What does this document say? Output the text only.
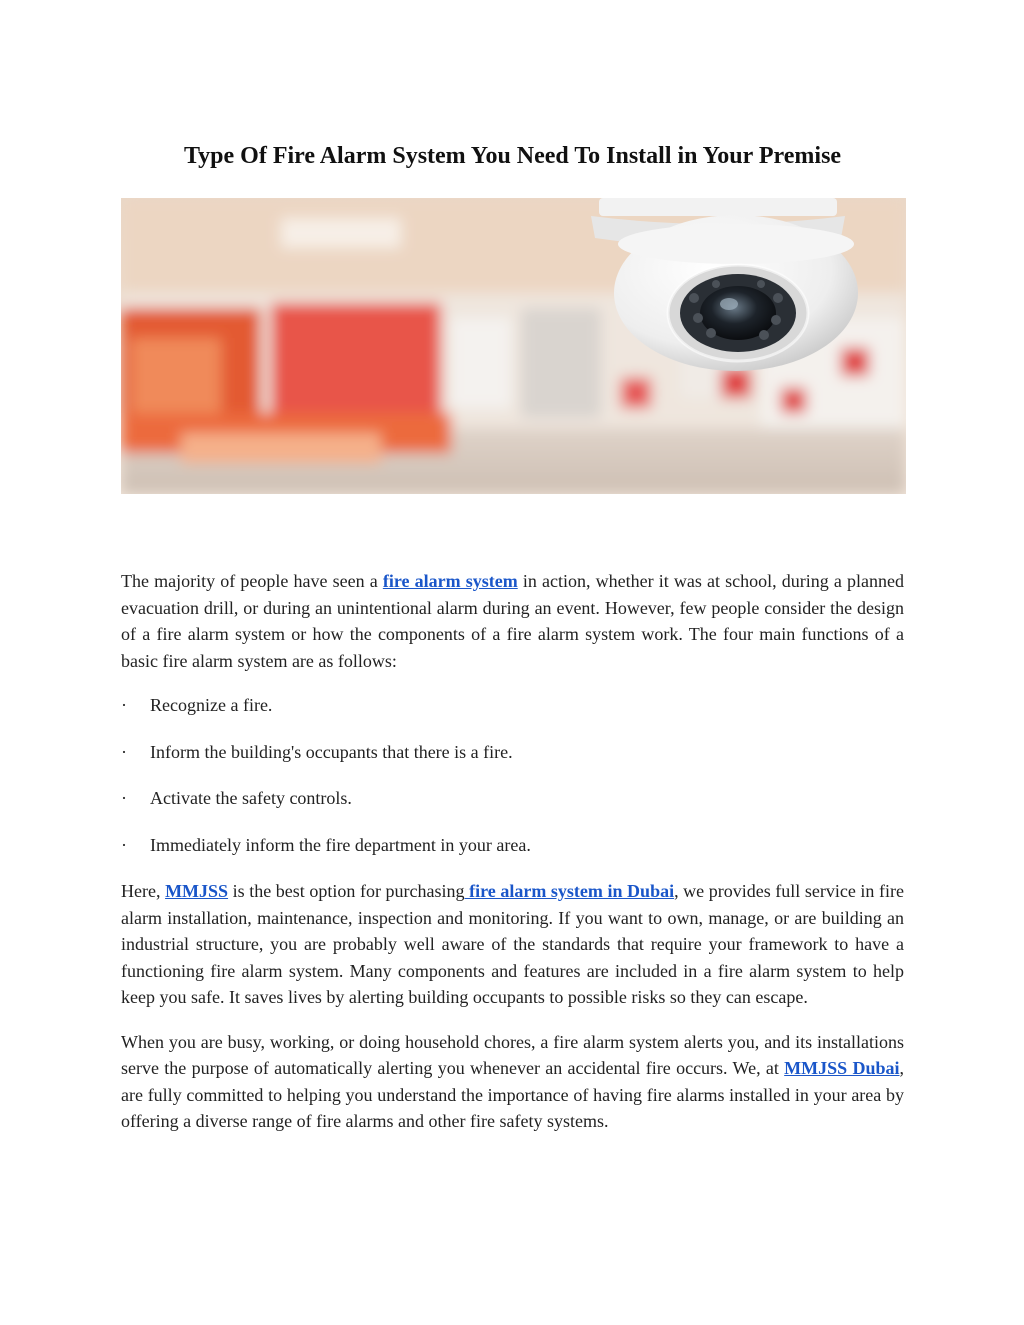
Type Of Fire Alarm System You Need To Install in Your Premise

The majority of people have seen a fire alarm system in action, whether it was at school, during a planned evacuation drill, or during an unintentional alarm during an event. However, few people consider the design of a fire alarm system or how the components of a fire alarm system work. The four main functions of a basic fire alarm system are as follows:

· Recognize a fire.
· Inform the building's occupants that there is a fire.
· Activate the safety controls.
· Immediately inform the fire department in your area.

Here, MMJSS is the best option for purchasing fire alarm system in Dubai, we provides full service in fire alarm installation, maintenance, inspection and monitoring. If you want to own, manage, or are building an industrial structure, you are probably well aware of the standards that require your framework to have a functioning fire alarm system. Many components and features are included in a fire alarm system to help keep you safe. It saves lives by alerting building occupants to possible risks so they can escape.

When you are busy, working, or doing household chores, a fire alarm system alerts you, and its installations serve the purpose of automatically alerting you whenever an accidental fire occurs. We, at MMJSS Dubai, are fully committed to helping you understand the importance of having fire alarms installed in your area by offering a diverse range of fire alarms and other fire safety systems.
